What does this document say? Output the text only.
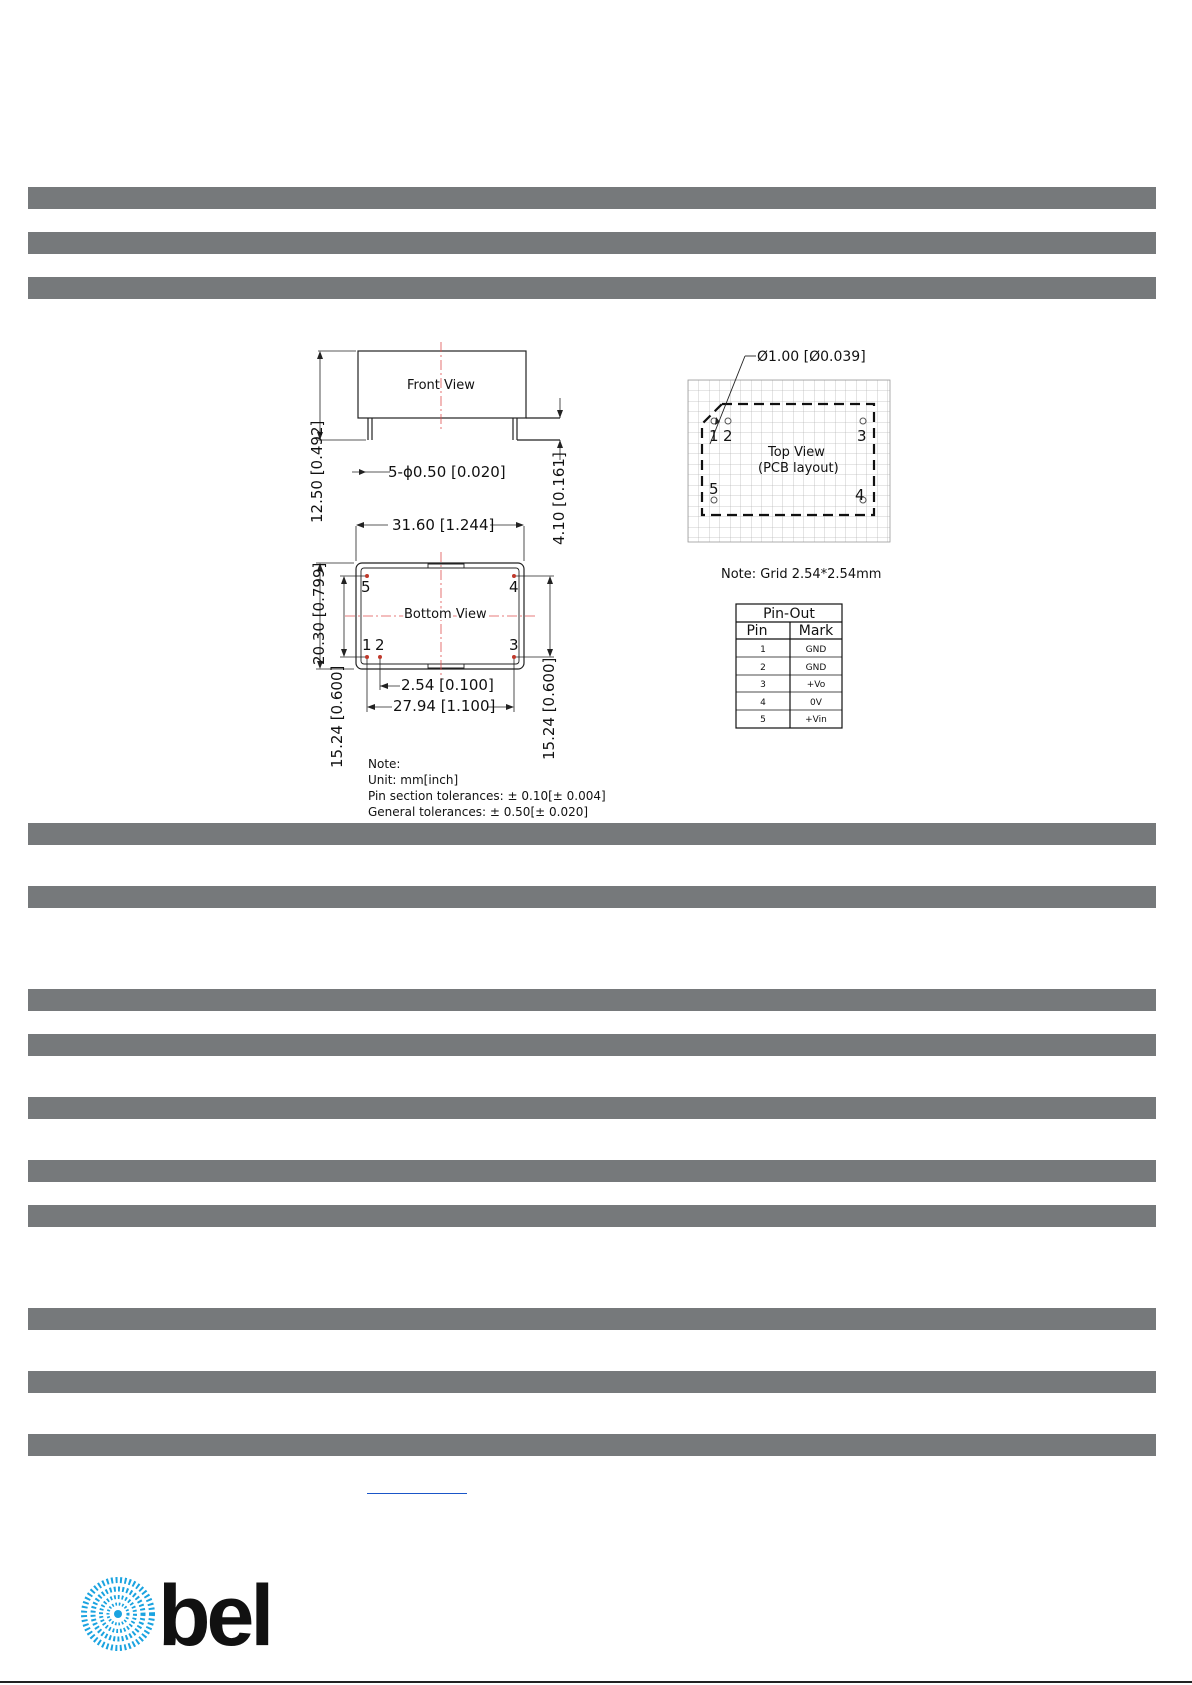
Front View
12.50 [0.492]	4.10 [0.161]
5-ϕ0.50 [0.020]
Bottom View
5	4
1 2	3
31.60 [1.244]
20.30 [0.799]
15.24 [0.600]	15.24 [0.600]
2.54 [0.100]
27.94 [1.100]
Note:
Unit: mm[inch]
Pin section tolerances: ± 0.10[± 0.004]
General tolerances: ± 0.50[± 0.020]
Ø1.00 [Ø0.039]
1 2	3
5	4
Top View
(PCB layout)
Note: Grid 2.54*2.54mm
Pin-Out
Pin Mark
1	GND
2	GND
3	+Vo
4	0V
5	+Vin
bel
